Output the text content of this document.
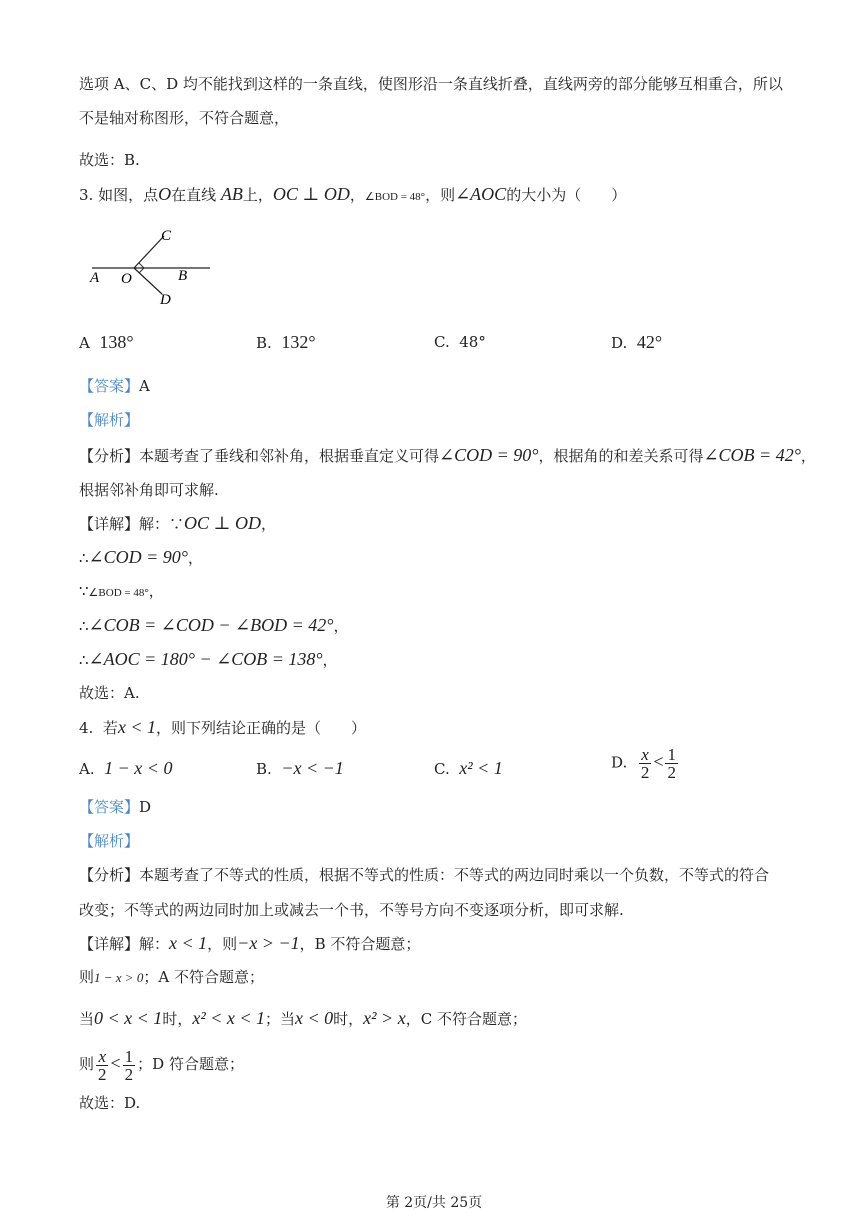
选项 A、C、D 均不能找到这样的一条直线，使图形沿一条直线折叠，直线两旁的部分能够互相重合，所以
不是轴对称图形，不符合题意，
故选：B.
3. 如图，点O在直线 AB上，OC ⊥ OD，∠BOD = 48°，则∠AOC的大小为（　　）
A O	B
C
D
A 138°	B. 132°	C. 48°	D. 42°
【答案】A
【解析】
【分析】本题考查了垂线和邻补角，根据垂直定义可得∠COD = 90°，根据角的和差关系可得∠COB = 42°，
根据邻补角即可求解.
【详解】解：∵OC ⊥ OD，
∴∠COD = 90°，
∵∠BOD = 48°，
∴∠COB = ∠COD − ∠BOD = 42°，
∴∠AOC = 180° − ∠COB = 138°，
故选：A.
4. 若x < 1，则下列结论正确的是（　　）
A. 1 − x < 0	B. −x < −1	C. x² < 1	D. $\frac{x}{2} < \frac{1}{2}$
【答案】D
【解析】
【分析】本题考查了不等式的性质，根据不等式的性质：不等式的两边同时乘以一个负数，不等式的符合
改变；不等式的两边同时加上或减去一个书，不等号方向不变逐项分析，即可求解.
【详解】解：x < 1，则−x > −1，B 不符合题意；
则1 − x > 0；A 不符合题意；
当0 < x < 1时，x² < x < 1；当x < 0时，x² > x，C 不符合题意；
则 $\frac{x}{2} < \frac{1}{2}$ ；D 符合题意；
故选：D.
第 2页/共 25页
